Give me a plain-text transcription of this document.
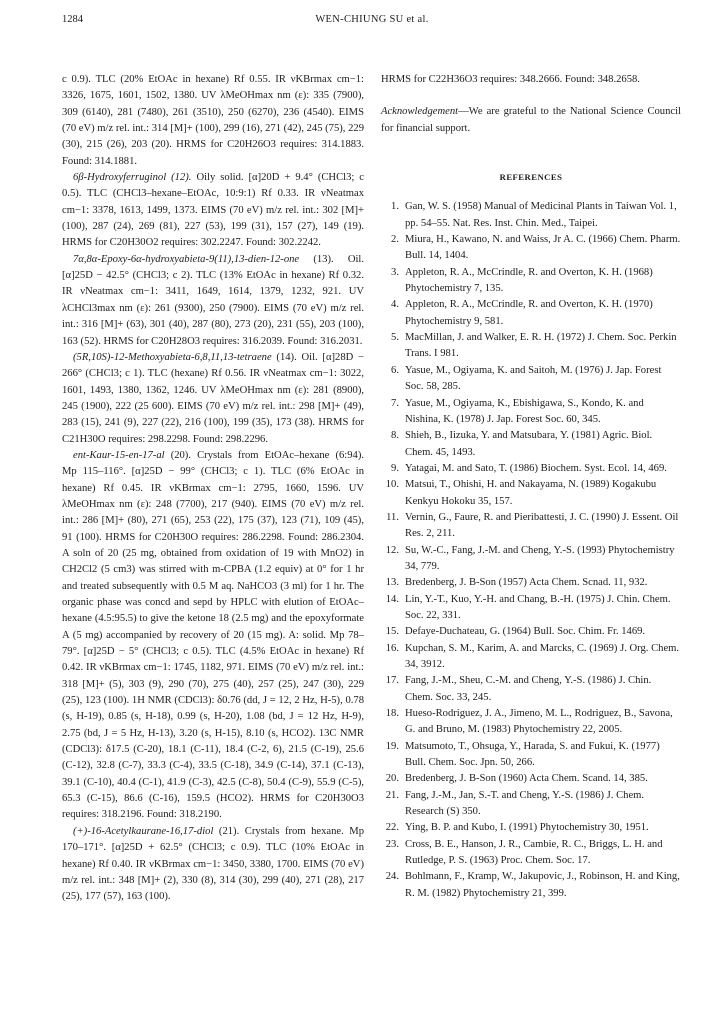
1284	WEN-CHIUNG SU et al.

c 0.9). TLC (20% EtOAc in hexane) Rf 0.55. IR νKBrmax cm−1: 3326, 1675, 1601, 1502, 1380. UV λMeOHmax nm (ε): 335 (7900), 309 (6140), 281 (7480), 261 (3510), 250 (6270), 236 (4540). EIMS (70 eV) m/z rel. int.: 314 [M]+ (100), 299 (16), 271 (42), 245 (75), 229 (30), 215 (26), 203 (20). HRMS for C20H26O3 requires: 314.1883. Found: 314.1881.

6β-Hydroxyferruginol (12). Oily solid. [α]20D + 9.4° (CHCl3; c 0.5). TLC (CHCl3–hexane–EtOAc, 10:9:1) Rf 0.33. IR νNeatmax cm−1: 3378, 1613, 1499, 1373. EIMS (70 eV) m/z rel. int.: 302 [M]+ (100), 287 (24), 269 (81), 227 (53), 199 (31), 157 (27), 149 (19). HRMS for C20H30O2 requires: 302.2247. Found: 302.2242.

7α,8α-Epoxy-6α-hydroxyabieta-9(11),13-dien-12-one (13). Oil. [α]25D − 42.5° (CHCl3; c 2). TLC (13% EtOAc in hexane) Rf 0.32. IR νNeatmax cm−1: 3411, 1649, 1614, 1379, 1232, 921. UV λCHCl3max nm (ε): 261 (9300), 250 (7900). EIMS (70 eV) m/z rel. int.: 316 [M]+ (63), 301 (40), 287 (80), 273 (20), 231 (55), 203 (100), 163 (52). HRMS for C20H28O3 requires: 316.2039. Found: 316.2031.

(5R,10S)-12-Methoxyabieta-6,8,11,13-tetraene (14). Oil. [α]28D − 266° (CHCl3; c 1). TLC (hexane) Rf 0.56. IR νNeatmax cm−1: 3022, 1601, 1493, 1380, 1362, 1246. UV λMeOHmax nm (ε): 281 (8900), 245 (1900), 222 (25 600). EIMS (70 eV) m/z rel. int.: 298 [M]+ (49), 283 (15), 241 (9), 227 (22), 216 (100), 199 (35), 173 (38). HRMS for C21H30O requires: 298.2298. Found: 298.2296.

ent-Kaur-15-en-17-al (20). Crystals from EtOAc–hexane (6:94). Mp 115–116°. [α]25D − 99° (CHCl3; c 1). TLC (6% EtOAc in hexane) Rf 0.45. IR νKBrmax cm−1: 2795, 1660, 1596. UV λMeOHmax nm (ε): 248 (7700), 217 (940). EIMS (70 eV) m/z rel. int.: 286 [M]+ (80), 271 (65), 253 (22), 175 (37), 123 (71), 109 (45), 91 (100). HRMS for C20H30O requires: 286.2298. Found: 286.2304. A soln of 20 (25 mg, obtained from oxidation of 19 with MnO2) in CH2Cl2 (5 cm3) was stirred with m-CPBA (1.2 equiv) at 0° for 1 hr and treated subsequently with 0.5 M aq. NaHCO3 (3 ml) for 1 hr. The organic phase was concd and sepd by HPLC with elution of EtOAc–hexane (4.5:95.5) to give the ketone 18 (2.5 mg) and the epoxyformate A (5 mg) accompanied by recovery of 20 (15 mg). A: solid. Mp 78–79°. [α]25D − 5° (CHCl3; c 0.5). TLC (4.5% EtOAc in hexane) Rf 0.42. IR νKBrmax cm−1: 1745, 1182, 971. EIMS (70 eV) m/z rel. int.: 318 [M]+ (5), 303 (9), 290 (70), 275 (40), 257 (25), 247 (30), 229 (25), 123 (100). 1H NMR (CDCl3): δ0.76 (dd, J = 12, 2 Hz, H-5), 0.78 (s, H-19), 0.85 (s, H-18), 0.99 (s, H-20), 1.08 (bd, J = 12 Hz, H-9), 2.75 (bd, J = 5 Hz, H-13), 3.20 (s, H-15), 8.10 (s, HCO2). 13C NMR (CDCl3): δ17.5 (C-20), 18.1 (C-11), 18.4 (C-2, 6), 21.5 (C-19), 25.6 (C-12), 32.8 (C-7), 33.3 (C-4), 33.5 (C-18), 34.9 (C-14), 37.1 (C-13), 39.1 (C-10), 40.4 (C-1), 41.9 (C-3), 42.5 (C-8), 50.4 (C-9), 55.9 (C-5), 65.3 (C-15), 86.6 (C-16), 159.5 (HCO2). HRMS for C20H30O3 requires: 318.2196. Found: 318.2190.

(+)-16-Acetylkaurane-16,17-diol (21). Crystals from hexane. Mp 170–171°. [α]25D + 62.5° (CHCl3; c 0.9). TLC (10% EtOAc in hexane) Rf 0.40. IR νKBrmax cm−1: 3450, 3380, 1700. EIMS (70 eV) m/z rel. int.: 348 [M]+ (2), 330 (8), 314 (30), 299 (40), 271 (28), 217 (25), 177 (57), 163 (100).

HRMS for C22H36O3 requires: 348.2666. Found: 348.2658.

Acknowledgement—We are grateful to the National Science Council for financial support.

REFERENCES

1. Gan, W. S. (1958) Manual of Medicinal Plants in Taiwan Vol. 1, pp. 54–55. Nat. Res. Inst. Chin. Med., Taipei.

2. Miura, H., Kawano, N. and Waiss, Jr A. C. (1966) Chem. Pharm. Bull. 14, 1404.

3. Appleton, R. A., McCrindle, R. and Overton, K. H. (1968) Phytochemistry 7, 135.

4. Appleton, R. A., McCrindle, R. and Overton, K. H. (1970) Phytochemistry 9, 581.

5. MacMillan, J. and Walker, E. R. H. (1972) J. Chem. Soc. Perkin Trans. I 981.

6. Yasue, M., Ogiyama, K. and Saitoh, M. (1976) J. Jap. Forest Soc. 58, 285.

7. Yasue, M., Ogiyama, K., Ebishigawa, S., Kondo, K. and Nishina, K. (1978) J. Jap. Forest Soc. 60, 345.

8. Shieh, B., Iizuka, Y. and Matsubara, Y. (1981) Agric. Biol. Chem. 45, 1493.

9. Yatagai, M. and Sato, T. (1986) Biochem. Syst. Ecol. 14, 469.

10. Matsui, T., Ohishi, H. and Nakayama, N. (1989) Kogakubu Kenkyu Hokoku 35, 157.

11. Vernin, G., Faure, R. and Pieribattesti, J. C. (1990) J. Essent. Oil Res. 2, 211.

12. Su, W.-C., Fang, J.-M. and Cheng, Y.-S. (1993) Phytochemistry 34, 779.

13. Bredenberg, J. B-Son (1957) Acta Chem. Scnad. 11, 932.

14. Lin, Y.-T., Kuo, Y.-H. and Chang, B.-H. (1975) J. Chin. Chem. Soc. 22, 331.

15. Defaye-Duchateau, G. (1964) Bull. Soc. Chim. Fr. 1469.

16. Kupchan, S. M., Karim, A. and Marcks, C. (1969) J. Org. Chem. 34, 3912.

17. Fang, J.-M., Sheu, C.-M. and Cheng, Y.-S. (1986) J. Chin. Chem. Soc. 33, 245.

18. Hueso-Rodriguez, J. A., Jimeno, M. L., Rodriguez, B., Savona, G. and Bruno, M. (1983) Phytochemistry 22, 2005.

19. Matsumoto, T., Ohsuga, Y., Harada, S. and Fukui, K. (1977) Bull. Chem. Soc. Jpn. 50, 266.

20. Bredenberg, J. B-Son (1960) Acta Chem. Scand. 14, 385.

21. Fang, J.-M., Jan, S.-T. and Cheng, Y.-S. (1986) J. Chem. Research (S) 350.

22. Ying, B. P. and Kubo, I. (1991) Phytochemistry 30, 1951.

23. Cross, B. E., Hanson, J. R., Cambie, R. C., Briggs, L. H. and Rutledge, P. S. (1963) Proc. Chem. Soc. 17.

24. Bohlmann, F., Kramp, W., Jakupovic, J., Robinson, H. and King, R. M. (1982) Phytochemistry 21, 399.
